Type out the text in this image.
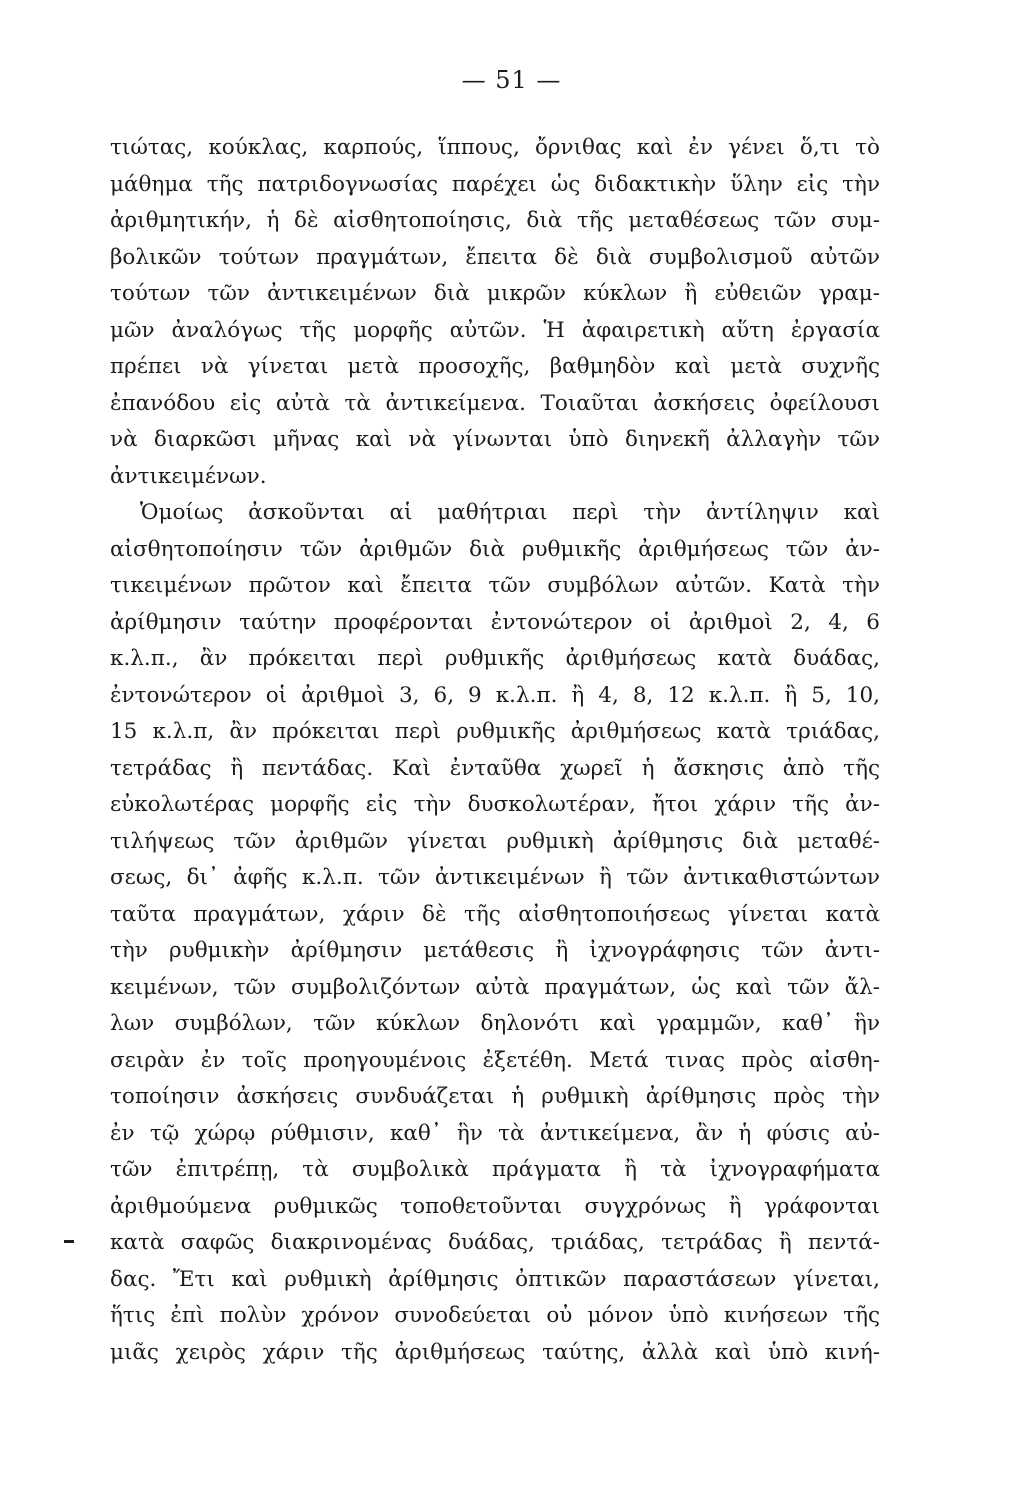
— 51 —
τιώτας, κούκλας, καρπούς, ἵππους, ὄρνιθας καὶ ἐν γένει ὅ,τι τὸ
μάθημα τῆς πατριδογνωσίας παρέχει ὡς διδακτικὴν ὕλην εἰς τὴν
ἀριθμητικήν, ἡ δὲ αἰσθητοποίησις, διὰ τῆς μεταθέσεως τῶν συμ-
βολικῶν τούτων πραγμάτων, ἔπειτα δὲ διὰ συμβολισμοῦ αὐτῶν
τούτων τῶν ἀντικειμένων διὰ μικρῶν κύκλων ἢ εὐθειῶν γραμ-
μῶν ἀναλόγως τῆς μορφῆς αὐτῶν. Ἡ ἀφαιρετικὴ αὕτη ἐργασία
πρέπει νὰ γίνεται μετὰ προσοχῆς, βαθμηδὸν καὶ μετὰ συχνῆς
ἐπανόδου εἰς αὐτὰ τὰ ἀντικείμενα. Τοιαῦται ἀσκήσεις ὀφείλουσι
νὰ διαρκῶσι μῆνας καὶ νὰ γίνωνται ὑπὸ διηνεκῆ ἀλλαγὴν τῶν
ἀντικειμένων.
Ὁμοίως ἀσκοῦνται αἱ μαθήτριαι περὶ τὴν ἀντίληψιν καὶ
αἰσθητοποίησιν τῶν ἀριθμῶν διὰ ρυθμικῆς ἀριθμήσεως τῶν ἀν-
τικειμένων πρῶτον καὶ ἔπειτα τῶν συμβόλων αὐτῶν. Κατὰ τὴν
ἀρίθμησιν ταύτην προφέρονται ἐντονώτερον οἱ ἀριθμοὶ 2, 4, 6
κ.λ.π., ἂν πρόκειται περὶ ρυθμικῆς ἀριθμήσεως κατὰ δυάδας,
ἐντονώτερον οἱ ἀριθμοὶ 3, 6, 9 κ.λ.π. ἢ 4, 8, 12 κ.λ.π. ἢ 5, 10,
15 κ.λ.π, ἂν πρόκειται περὶ ρυθμικῆς ἀριθμήσεως κατὰ τριάδας,
τετράδας ἢ πεντάδας. Καὶ ἐνταῦθα χωρεῖ ἡ ἄσκησις ἀπὸ τῆς
εὐκολωτέρας μορφῆς εἰς τὴν δυσκολωτέραν, ἤτοι χάριν τῆς ἀν-
τιλήψεως τῶν ἀριθμῶν γίνεται ρυθμικὴ ἀρίθμησις διὰ μεταθέ-
σεως, δι᾽ ἀφῆς κ.λ.π. τῶν ἀντικειμένων ἢ τῶν ἀντικαθιστώντων
ταῦτα πραγμάτων, χάριν δὲ τῆς αἰσθητοποιήσεως γίνεται κατὰ
τὴν ρυθμικὴν ἀρίθμησιν μετάθεσις ἢ ἰχνογράφησις τῶν ἀντι-
κειμένων, τῶν συμβολιζόντων αὐτὰ πραγμάτων, ὡς καὶ τῶν ἄλ-
λων συμβόλων, τῶν κύκλων δηλονότι καὶ γραμμῶν, καθ᾽ ἣν
σειρὰν ἐν τοῖς προηγουμένοις ἐξετέθη. Μετά τινας πρὸς αἰσθη-
τοποίησιν ἀσκήσεις συνδυάζεται ἡ ρυθμικὴ ἀρίθμησις πρὸς τὴν
ἐν τῷ χώρῳ ρύθμισιν, καθ᾽ ἣν τὰ ἀντικείμενα, ἂν ἡ φύσις αὐ-
τῶν ἐπιτρέπῃ, τὰ συμβολικὰ πράγματα ἢ τὰ ἰχνογραφήματα
ἀριθμούμενα ρυθμικῶς τοποθετοῦνται συγχρόνως ἢ γράφονται
κατὰ σαφῶς διακρινομένας δυάδας, τριάδας, τετράδας ἢ πεντά-
δας. Ἔτι καὶ ρυθμικὴ ἀρίθμησις ὀπτικῶν παραστάσεων γίνεται,
ἥτις ἐπὶ πολὺν χρόνον συνοδεύεται οὐ μόνον ὑπὸ κινήσεων τῆς
μιᾶς χειρὸς χάριν τῆς ἀριθμήσεως ταύτης, ἀλλὰ καὶ ὑπὸ κινή-
